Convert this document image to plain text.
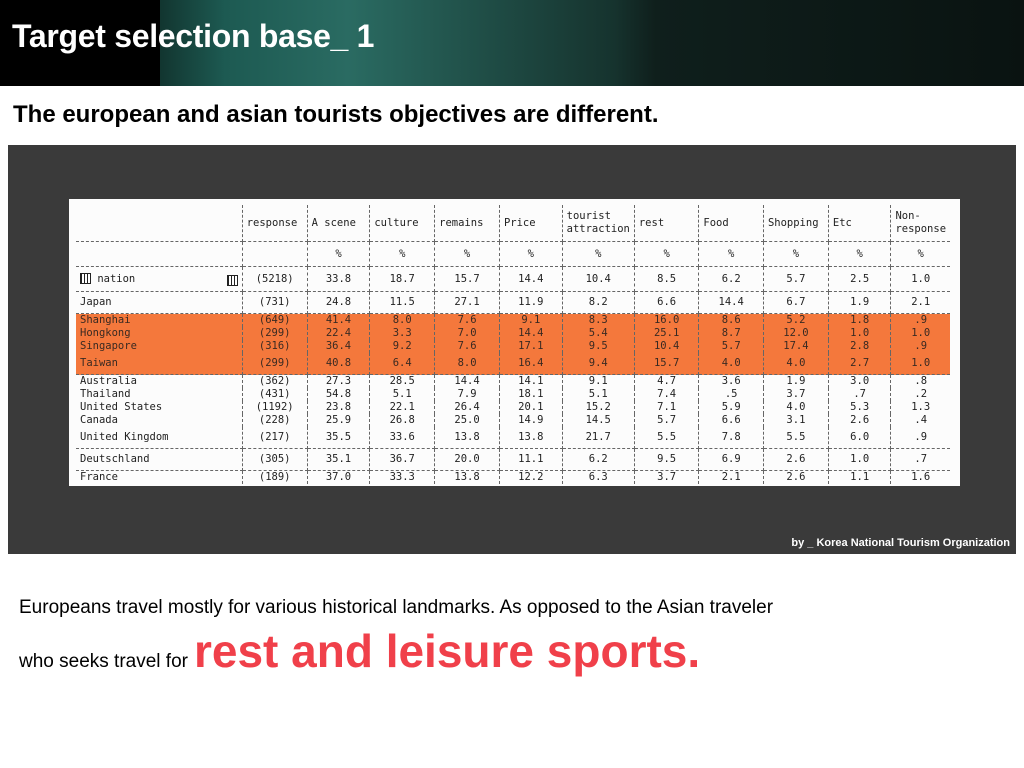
Target selection base_ 1
The european and asian tourists objectives are different.
	response	A scene	culture	remains	Price	tourist attraction	rest	Food	Shopping	Etc	Non-response
		%	%	%	%	%	%	%	%	%	%
nation	(5218)	33.8	18.7	15.7	14.4	10.4	8.5	6.2	5.7	2.5	1.0
Japan	(731)	24.8	11.5	27.1	11.9	8.2	6.6	14.4	6.7	1.9	2.1
Shanghai	(649)	41.4	8.0	7.6	9.1	8.3	16.0	8.6	5.2	1.8	.9
Hongkong	(299)	22.4	3.3	7.0	14.4	5.4	25.1	8.7	12.0	1.0	1.0
Singapore	(316)	36.4	9.2	7.6	17.1	9.5	10.4	5.7	17.4	2.8	.9
Taiwan	(299)	40.8	6.4	8.0	16.4	9.4	15.7	4.0	4.0	2.7	1.0
Australia	(362)	27.3	28.5	14.4	14.1	9.1	4.7	3.6	1.9	3.0	.8
Thailand	(431)	54.8	5.1	7.9	18.1	5.1	7.4	.5	3.7	.7	.2
United States	(1192)	23.8	22.1	26.4	20.1	15.2	7.1	5.9	4.0	5.3	1.3
Canada	(228)	25.9	26.8	25.0	14.9	14.5	5.7	6.6	3.1	2.6	.4
United Kingdom	(217)	35.5	33.6	13.8	13.8	21.7	5.5	7.8	5.5	6.0	.9
Deutschland	(305)	35.1	36.7	20.0	11.1	6.2	9.5	6.9	2.6	1.0	.7
France	(189)	37.0	33.3	13.8	12.2	6.3	3.7	2.1	2.6	1.1	1.6
by _ Korea National Tourism Organization
Europeans travel mostly for various historical landmarks. As opposed to the Asian traveler
who seeks travel for rest and leisure sports.
